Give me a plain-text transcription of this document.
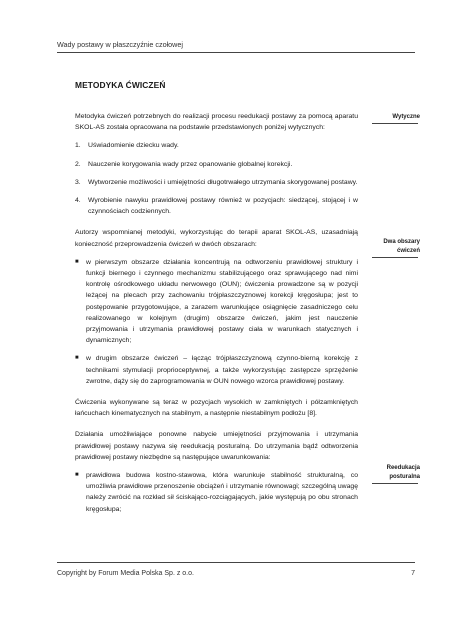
Wady postawy w płaszczyźnie czołowej
METODYKA ĆWICZEŃ
Wytyczne
Dwa obszary
ćwiczeń
Reedukacja
posturalna

Metodyka ćwiczeń potrzebnych do realizacji procesu reedukacji postawy za pomocą aparatu SKOL-AS została opracowana na podstawie przedstawionych poniżej wytycznych:

1.	Uświadomienie dziecku wady.
2.	Nauczenie korygowania wady przez opanowanie globalnej korekcji.
3.	Wytworzenie możliwości i umiejętności długotrwałego utrzymania skorygowanej postawy.
4.	Wyrobienie nawyku prawidłowej postawy również w pozycjach: siedzącej, stojącej i w czynnościach codziennych.

Autorzy wspomnianej metodyki, wykorzystując do terapii aparat SKOL-AS, uzasadniają konieczność przeprowadzenia ćwiczeń w dwóch obszarach:

■	w pierwszym obszarze działania koncentrują na odtworzeniu prawidłowej struktury i funkcji biernego i czynnego mechanizmu stabilizującego oraz sprawującego nad nimi kontrolę ośrodkowego układu nerwowego (OUN); ćwiczenia prowadzone są w pozycji leżącej na plecach przy zachowaniu trójpłaszczyznowej korekcji kręgosłupa; jest to postępowanie przygotowujące, a zarazem warunkujące osiągnięcie zasadniczego celu realizowanego w kolejnym (drugim) obszarze ćwiczeń, jakim jest nauczenie przyjmowania i utrzymania prawidłowej postawy ciała w warunkach statycznych i dynamicznych;
■	w drugim obszarze ćwiczeń – łącząc trójpłaszczyznową czynno-bierną korekcję z technikami stymulacji proprioceptywnej, a także wykorzystując zastępcze sprzężenie zwrotne, dąży się do zaprogramowania w OUN nowego wzorca prawidłowej postawy.

Ćwiczenia wykonywane są teraz w pozycjach wysokich w zamkniętych i półzamkniętych łańcuchach kinematycznych na stabilnym, a następnie niestabilnym podłożu [8].

Działania umożliwiające ponowne nabycie umiejętności przyjmowania i utrzymania prawidłowej postawy nazywa się reedukacją posturalną. Do utrzymania bądź odtworzenia prawidłowej postawy niezbędne są następujące uwarunkowania:

■	prawidłowa budowa kostno-stawowa, która warunkuje stabilność strukturalną, co umożliwia prawidłowe przenoszenie obciążeń i utrzymanie równowagi; szczególną uwagę należy zwrócić na rozkład sił ściskająco-rozciągających, jakie występują po obu stronach kręgosłupa;
Copyright by Forum Media Polska Sp. z o.o.	7
